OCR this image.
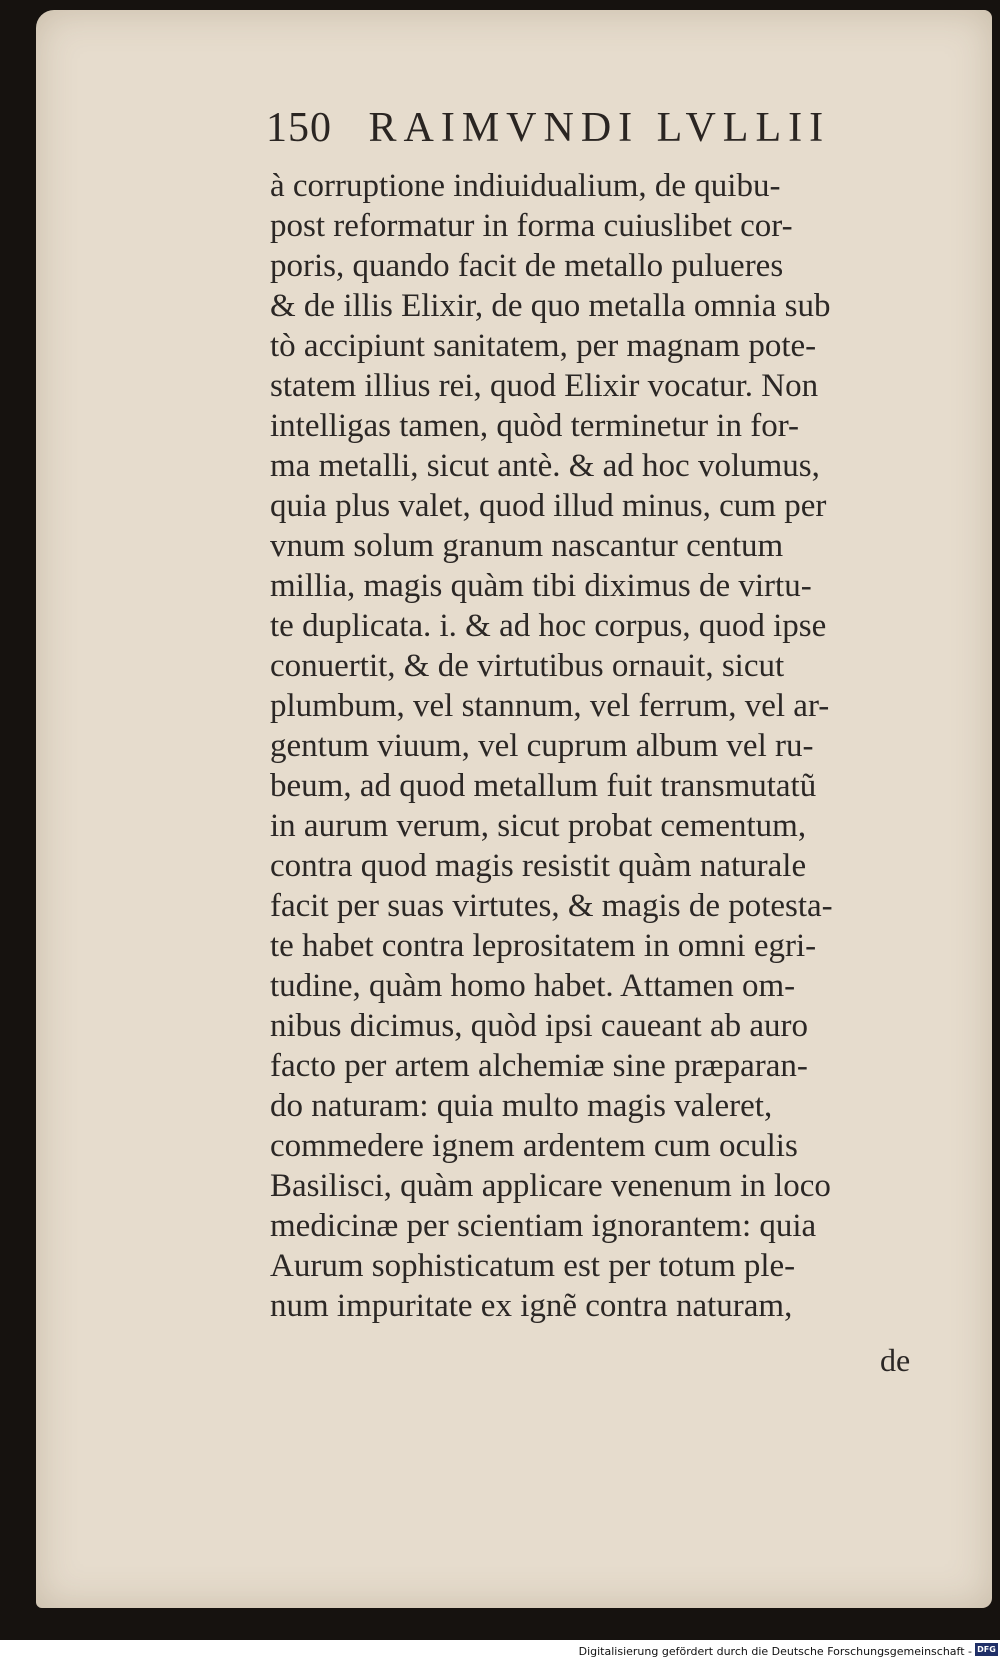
150 RAIMVNDI LVLLII
à corruptione indiuidualium, de quibu-
post reformatur in forma cuiuslibet cor-
poris, quando facit de metallo pulueres
& de illis Elixir, de quo metalla omnia sub
tò accipiunt sanitatem, per magnam pote-
statem illius rei, quod Elixir vocatur. Non
intelligas tamen, quòd terminetur in for-
ma metalli, sicut antè. & ad hoc volumus,
quia plus valet, quod illud minus, cum per
vnum solum granum nascantur centum
millia, magis quàm tibi diximus de virtu-
te duplicata. i. & ad hoc corpus, quod ipse
conuertit, & de virtutibus ornauit, sicut
plumbum, vel stannum, vel ferrum, vel ar-
gentum viuum, vel cuprum album vel ru-
beum, ad quod metallum fuit transmutatũ
in aurum verum, sicut probat cementum,
contra quod magis resistit quàm naturale
facit per suas virtutes, & magis de potesta-
te habet contra leprositatem in omni egri-
tudine, quàm homo habet. Attamen om-
nibus dicimus, quòd ipsi caueant ab auro
facto per artem alchemiæ sine præparan-
do naturam: quia multo magis valeret,
commedere ignem ardentem cum oculis
Basilisci, quàm applicare venenum in loco
medicinæ per scientiam ignorantem: quia
Aurum sophisticatum est per totum ple-
num impuritate ex ignẽ contra naturam,
de
Digitalisierung gefördert durch die Deutsche Forschungsgemeinschaft - DFG
